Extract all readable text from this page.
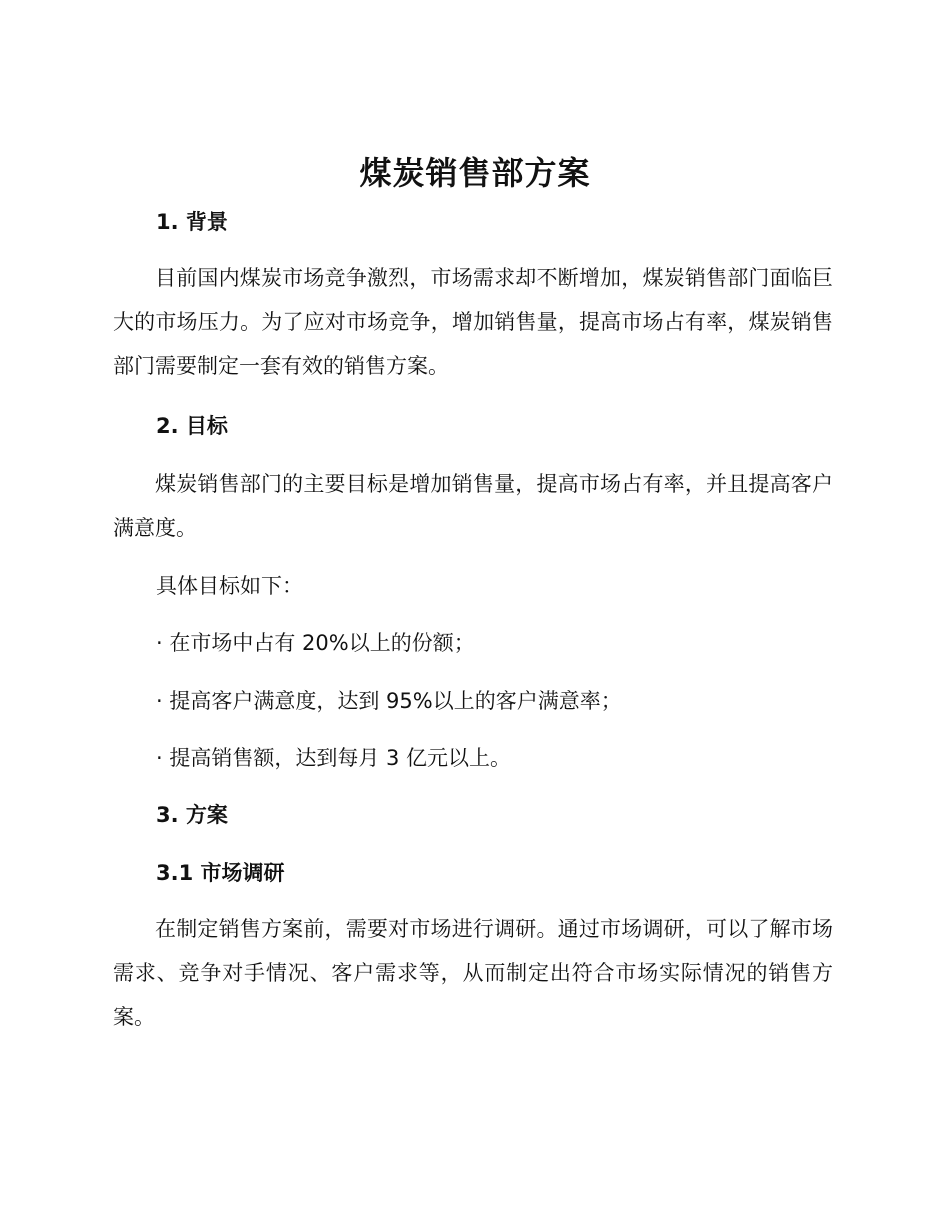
煤炭销售部方案
1. 背景

目前国内煤炭市场竞争激烈，市场需求却不断增加，煤炭销售部门面临巨大的市场压力。为了应对市场竞争，增加销售量，提高市场占有率，煤炭销售部门需要制定一套有效的销售方案。

2. 目标

煤炭销售部门的主要目标是增加销售量，提高市场占有率，并且提高客户满意度。

具体目标如下：
· 在市场中占有 20%以上的份额；
· 提高客户满意度，达到 95%以上的客户满意率；
· 提高销售额，达到每月 3 亿元以上。
3. 方案
3.1 市场调研

在制定销售方案前，需要对市场进行调研。通过市场调研，可以了解市场需求、竞争对手情况、客户需求等，从而制定出符合市场实际情况的销售方案。
